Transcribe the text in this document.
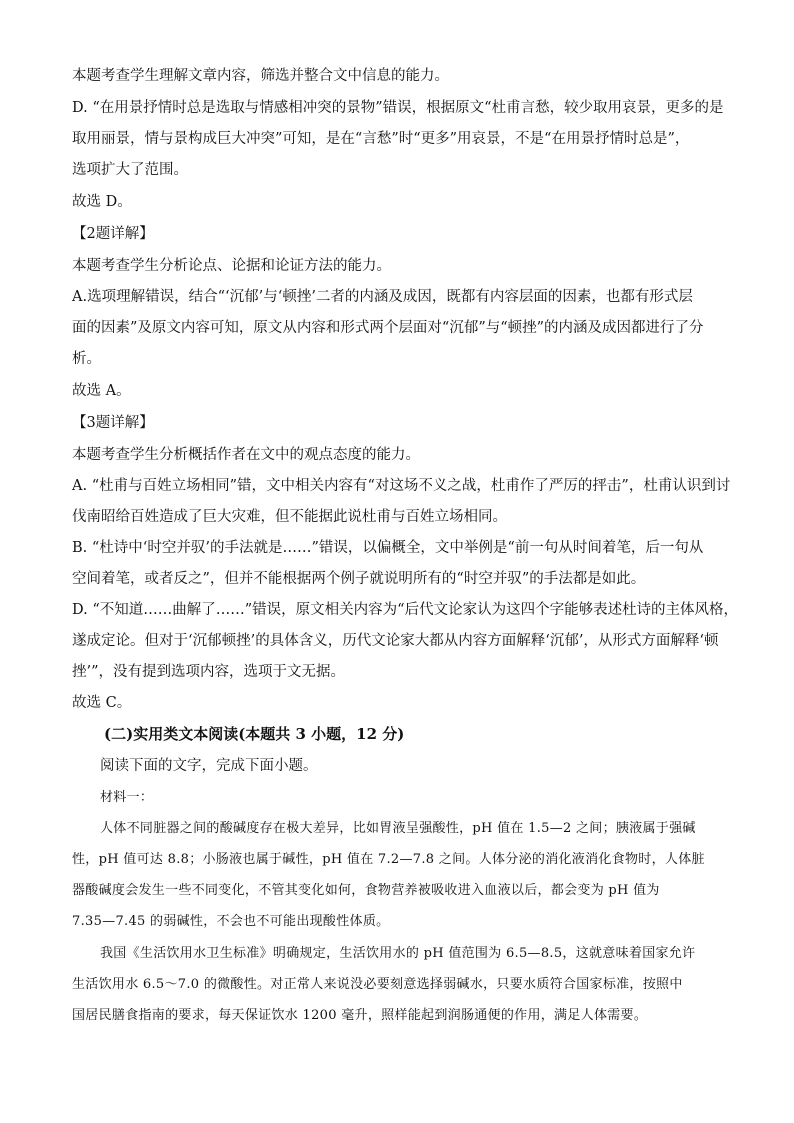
本题考查学生理解文章内容，筛选并整合文中信息的能力。
D. “在用景抒情时总是选取与情感相冲突的景物”错误，根据原文“杜甫言愁，较少取用哀景，更多的是
取用丽景，情与景构成巨大冲突”可知，是在“言愁”时“更多”用哀景，不是“在用景抒情时总是”，
选项扩大了范围。
故选 D。
【2题详解】
本题考查学生分析论点、论据和论证方法的能力。
A.选项理解错误，结合“‘沉郁’与‘顿挫’二者的内涵及成因，既都有内容层面的因素，也都有形式层
面的因素”及原文内容可知，原文从内容和形式两个层面对“沉郁”与“顿挫”的内涵及成因都进行了分
析。
故选 A。
【3题详解】
本题考查学生分析概括作者在文中的观点态度的能力。
A. “杜甫与百姓立场相同”错，文中相关内容有“对这场不义之战，杜甫作了严厉的抨击”，杜甫认识到讨
伐南昭给百姓造成了巨大灾难，但不能据此说杜甫与百姓立场相同。
B. “杜诗中‘时空并驭’的手法就是……”错误，以偏概全，文中举例是“前一句从时间着笔，后一句从
空间着笔，或者反之”，但并不能根据两个例子就说明所有的“时空并驭”的手法都是如此。
D. “不知道……曲解了……”错误，原文相关内容为“后代文论家认为这四个字能够表述杜诗的主体风格，
遂成定论。但对于‘沉郁顿挫’的具体含义，历代文论家大都从内容方面解释‘沉郁’，从形式方面解释‘顿
挫’”，没有提到选项内容，选项于文无据。
故选 C。
(二)实用类文本阅读(本题共 3 小题，12 分)
阅读下面的文字，完成下面小题。
材料一：
人体不同脏器之间的酸碱度存在极大差异，比如胃液呈强酸性，pH 值在 1.5—2 之间；胰液属于强碱
性，pH 值可达 8.8；小肠液也属于碱性，pH 值在 7.2—7.8 之间。人体分泌的消化液消化食物时，人体脏
器酸碱度会发生一些不同变化，不管其变化如何，食物营养被吸收进入血液以后，都会变为 pH 值为
7.35—7.45 的弱碱性，不会也不可能出现酸性体质。
我国《生活饮用水卫生标准》明确规定，生活饮用水的 pH 值范围为 6.5—8.5，这就意味着国家允许
生活饮用水 6.5～7.0 的微酸性。对正常人来说没必要刻意选择弱碱水，只要水质符合国家标准，按照中
国居民膳食指南的要求，每天保证饮水 1200 毫升，照样能起到润肠通便的作用，满足人体需要。
